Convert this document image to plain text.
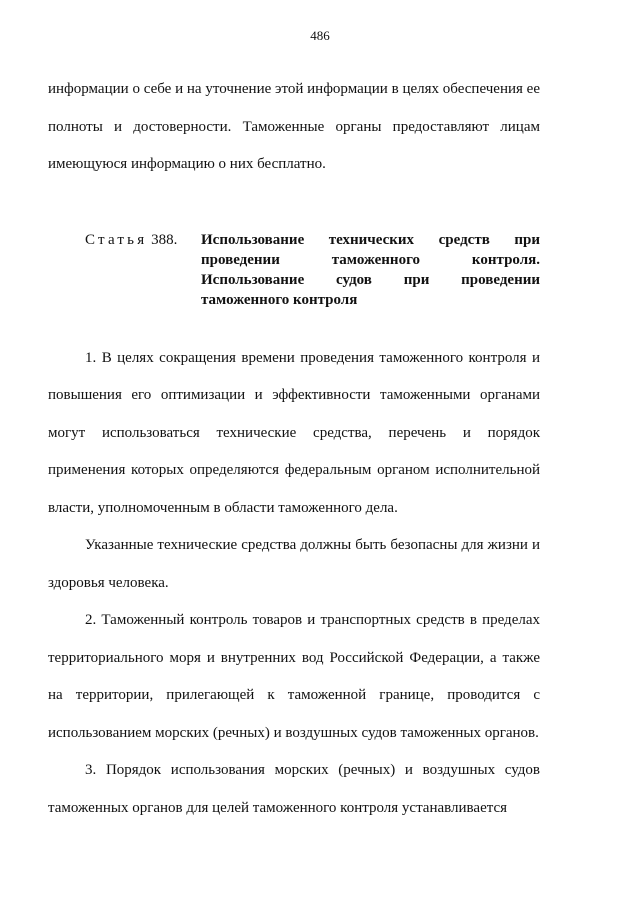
486

информации о себе и на уточнение этой информации в целях обеспечения ее полноты и достоверности. Таможенные органы предоставляют лицам имеющуюся информацию о них бесплатно.

Статья 388.	Использование технических средств при проведении таможенного контроля. Использование судов при проведении таможенного контроля

1. В целях сокращения времени проведения таможенного контроля и повышения его оптимизации и эффективности таможенными органами могут использоваться технические средства, перечень и порядок применения которых определяются федеральным органом исполнительной власти, уполномоченным в области таможенного дела.

Указанные технические средства должны быть безопасны для жизни и здоровья человека.

2. Таможенный контроль товаров и транспортных средств в пределах территориального моря и внутренних вод Российской Федерации, а также на территории, прилегающей к таможенной границе, проводится с использованием морских (речных) и воздушных судов таможенных органов.

3. Порядок использования морских (речных) и воздушных судов таможенных органов для целей таможенного контроля устанавливается
